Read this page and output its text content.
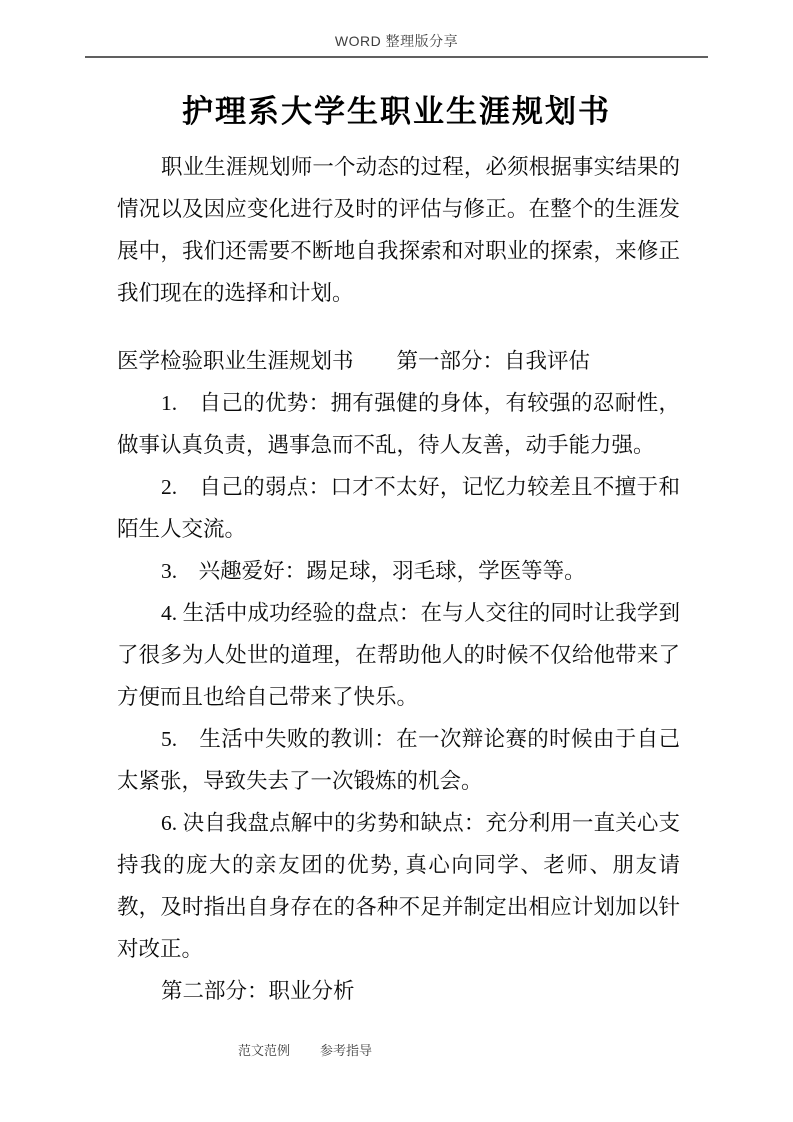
WORD 整理版分享
护理系大学生职业生涯规划书

职业生涯规划师一个动态的过程，必须根据事实结果的情况以及因应变化进行及时的评估与修正。在整个的生涯发展中，我们还需要不断地自我探索和对职业的探索，来修正我们现在的选择和计划。

医学检验职业生涯规划书　　第一部分：自我评估

1.　自己的优势：拥有强健的身体，有较强的忍耐性，做事认真负责，遇事急而不乱，待人友善，动手能力强。

2.　自己的弱点：口才不太好，记忆力较差且不擅于和陌生人交流。

3.　兴趣爱好：踢足球，羽毛球，学医等等。

4. 生活中成功经验的盘点：在与人交往的同时让我学到了很多为人处世的道理，在帮助他人的时候不仅给他带来了方便而且也给自己带来了快乐。

5.　生活中失败的教训：在一次辩论赛的时候由于自己太紧张，导致失去了一次锻炼的机会。

6. 决自我盘点解中的劣势和缺点：充分利用一直关心支持我的庞大的亲友团的优势, 真心向同学、老师、朋友请教，及时指出自身存在的各种不足并制定出相应计划加以针对改正。

第二部分：职业分析

范文范例 参考指导
